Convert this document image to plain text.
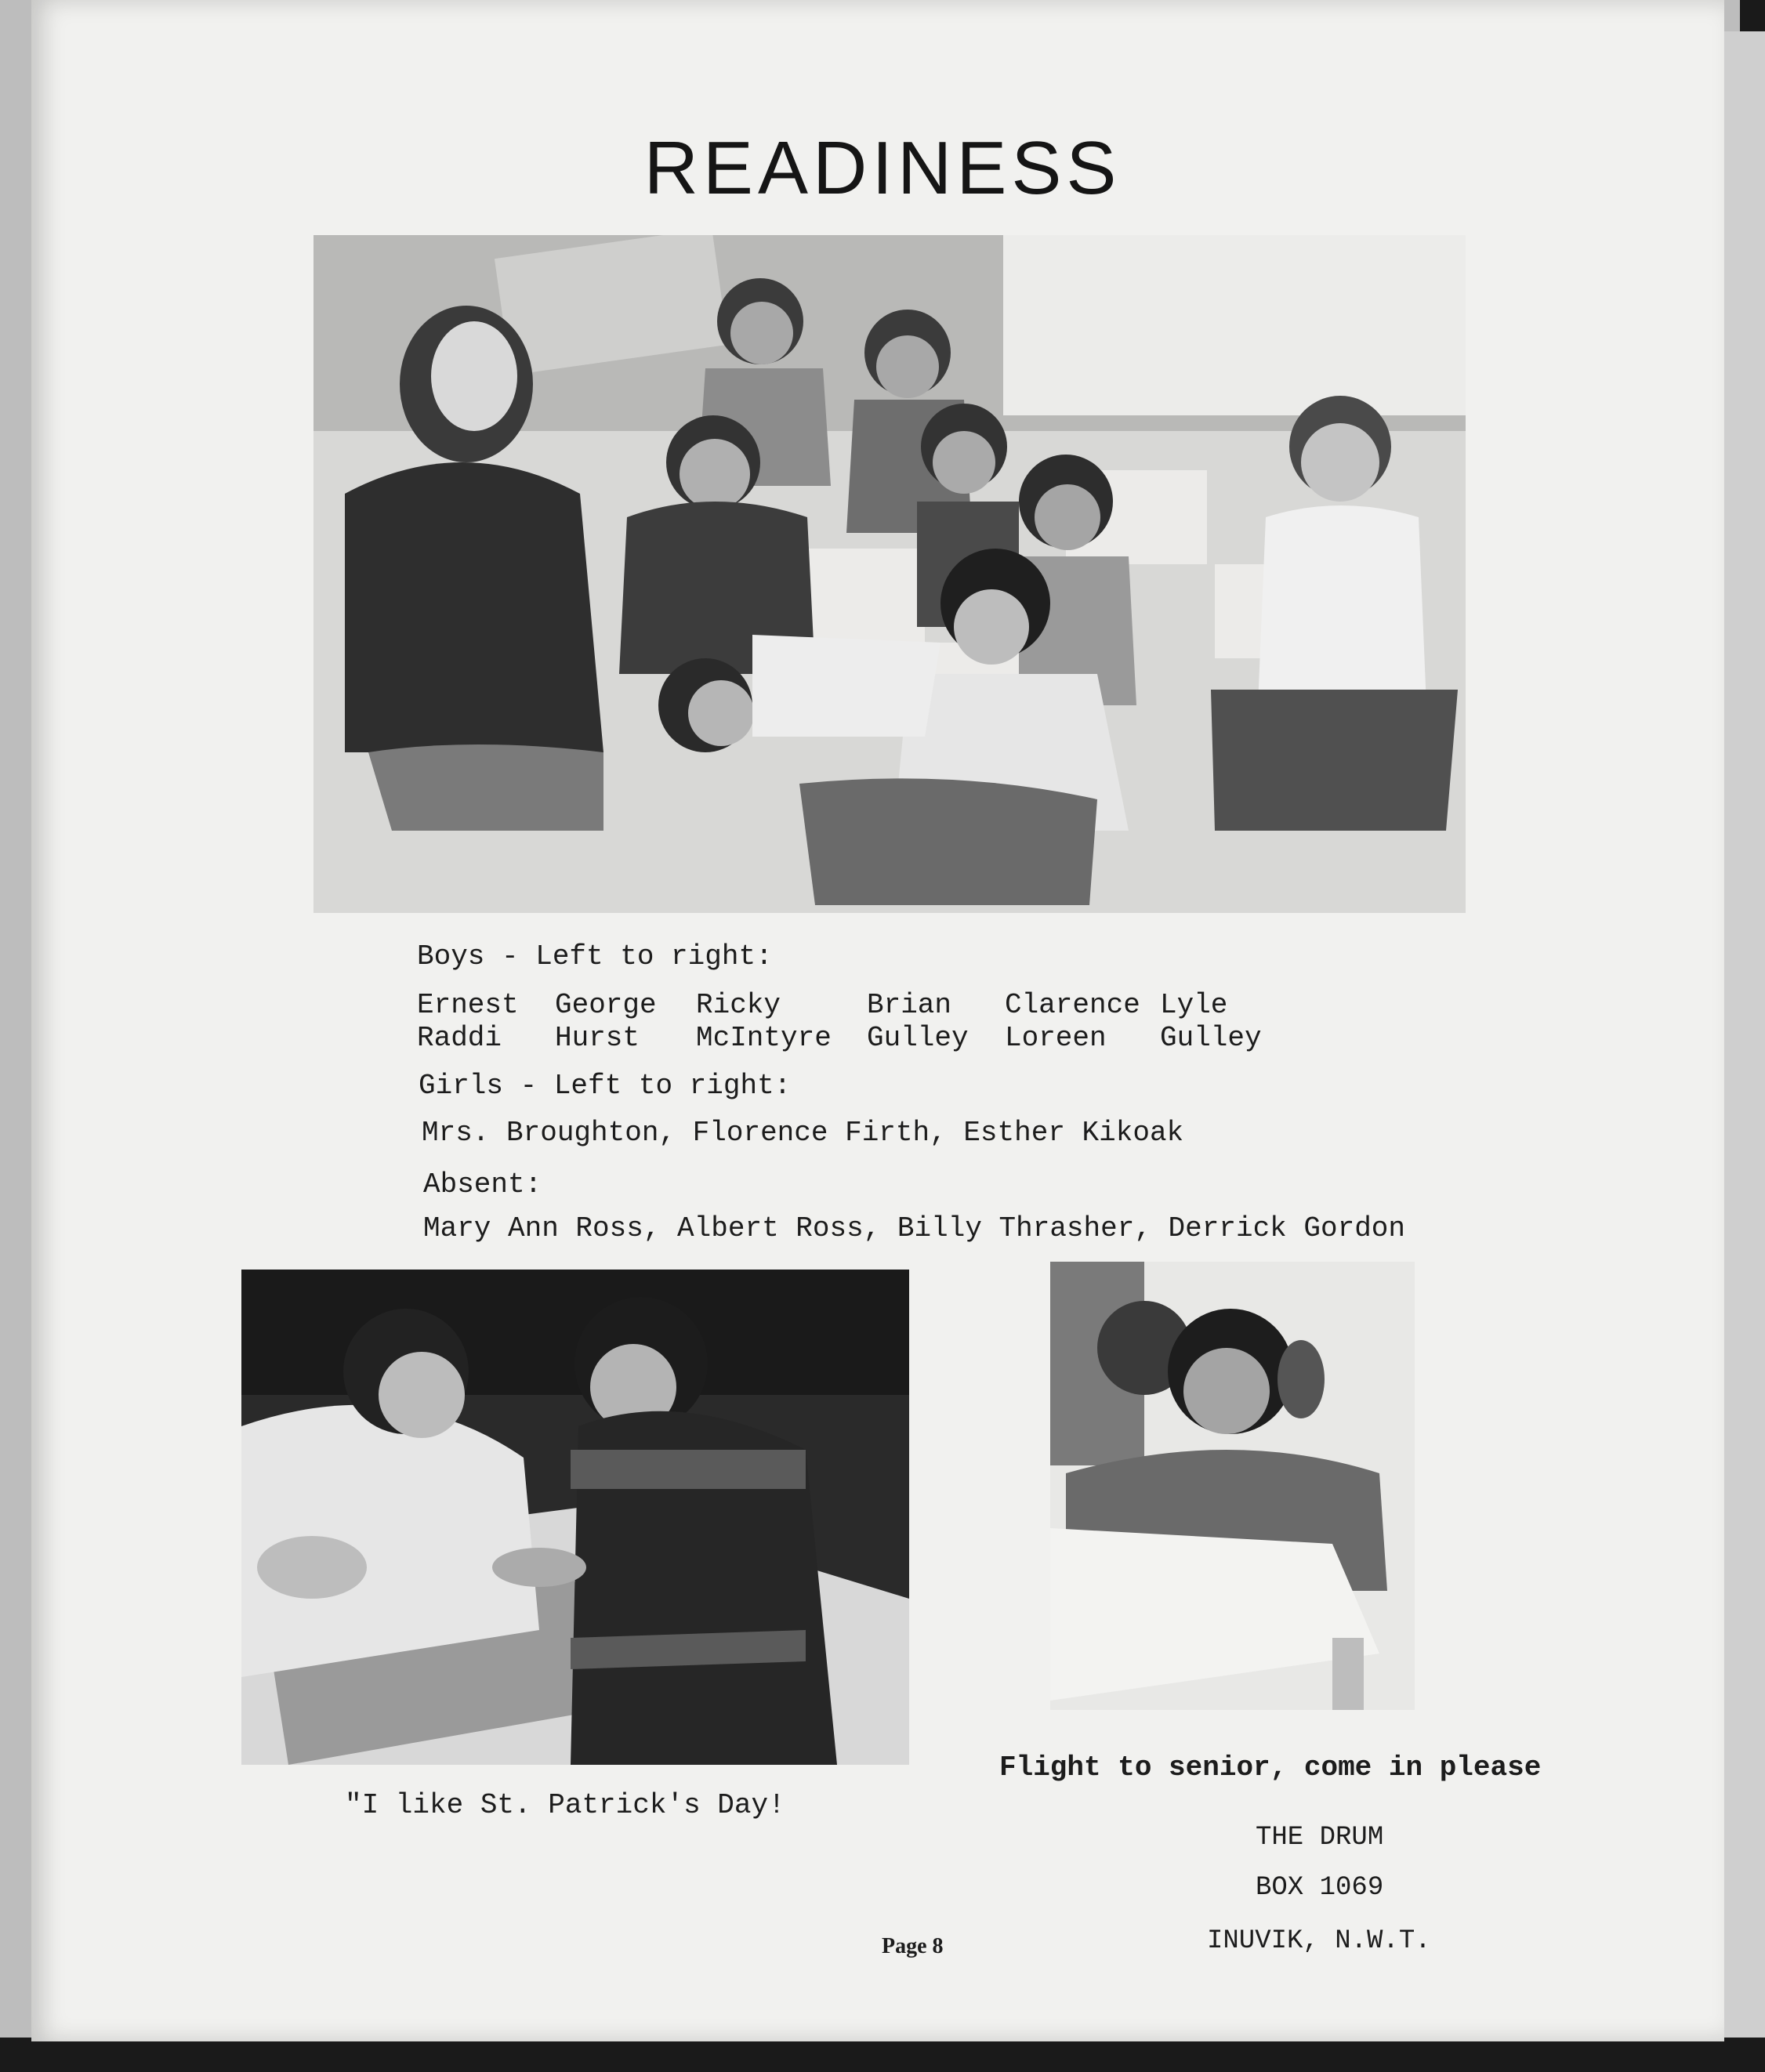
READINESS
Boys - Left to right:
Ernest George Ricky	Brian Clarence Lyle
Raddi Hurst McIntyre Gulley Loreen Gulley
Girls - Left to right:
Mrs. Broughton, Florence Firth, Esther Kikoak
Absent:
Mary Ann Ross, Albert Ross, Billy Thrasher, Derrick Gordon
"I like St. Patrick's Day!
Flight to senior, come in please
THE DRUM
BOX 1069
INUVIK, N.W.T.
Page 8
